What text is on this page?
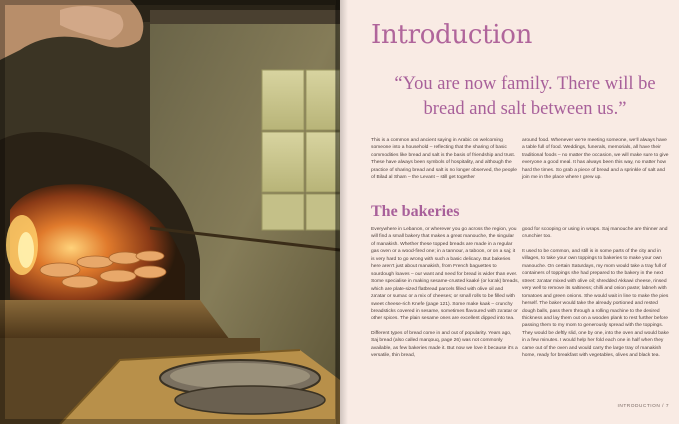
Introduction
“You are now family. There will be bread and salt between us.”

This is a common and ancient saying in Arabic on welcoming someone into a household – reflecting that the sharing of basic commodities like bread and salt is the basis of friendship and trust. These have always been symbols of hospitality, and although the practice of sharing bread and salt is no longer observed, the people of Bilad al Sham – the Levant – still get together

around food. Whenever we’re meeting someone, we’ll always have a table full of food. Weddings, funerals, memorials, all have their traditional foods – no matter the occasion, we will make sure to give everyone a good meal. It has always been this way, no matter how hard the times. So grab a piece of bread and a sprinkle of salt and join me in the place where I grew up.

The bakeries

Everywhere in Lebanon, or wherever you go across the region, you will find a small bakery that makes a great manouche, the singular of manakish. Whether these topped breads are made in a regular gas oven or a wood-fired one; in a tannour, a taboon, or on a saj; it is very hard to go wrong with such a basic delicacy. But bakeries here aren’t just about manakish, from French baguettes to sourdough loaves – our want and need for bread is wider than ever. Some specialise in making sesame-crusted kaaké (or ka’ak) breads, which are plate-sized flatbread parcels filled with olive oil and za’atar or sumac or a mix of cheeses; or small rolls to be filled with sweet cheese-rich Knefe (page 121). Some make kaak – crunchy breadsticks covered in sesame, sometimes flavoured with za’atar or other spices. The plain sesame ones are excellent dipped into tea.

Different types of bread come in and out of popularity. Years ago, Saj bread (also called marqouq, page 26) was not commonly available, as few bakeries made it. But now we love it because it’s a versatile, thin bread,

good for scooping or using in wraps. Saj manouche are thinner and crunchier too.

It used to be common, and still is in some parts of the city and in villages, to take your own toppings to bakeries to make your own manouche. On certain Saturdays, my mom would take a tray full of containers of toppings she had prepared to the bakery in the next street: za’atar mixed with olive oil; shredded Akkawi cheese, rinsed very well to remove its saltiness; chilli and onion paste; labneh with tomatoes and green onions. She would wait in line to make the pies herself. The baker would take the already portioned and rested dough balls, pass them through a rolling machine to the desired thickness and lay them out on a wooden plank to rest further before passing them to my mom to generously spread with the toppings. They would be deftly slid, one by one, into the oven and would bake in a few minutes. I would help her fold each one in half when they came out of the oven and would carry the large tray of manakish home, ready for breakfast with vegetables, olives and black tea.

INTRODUCTION / 7
